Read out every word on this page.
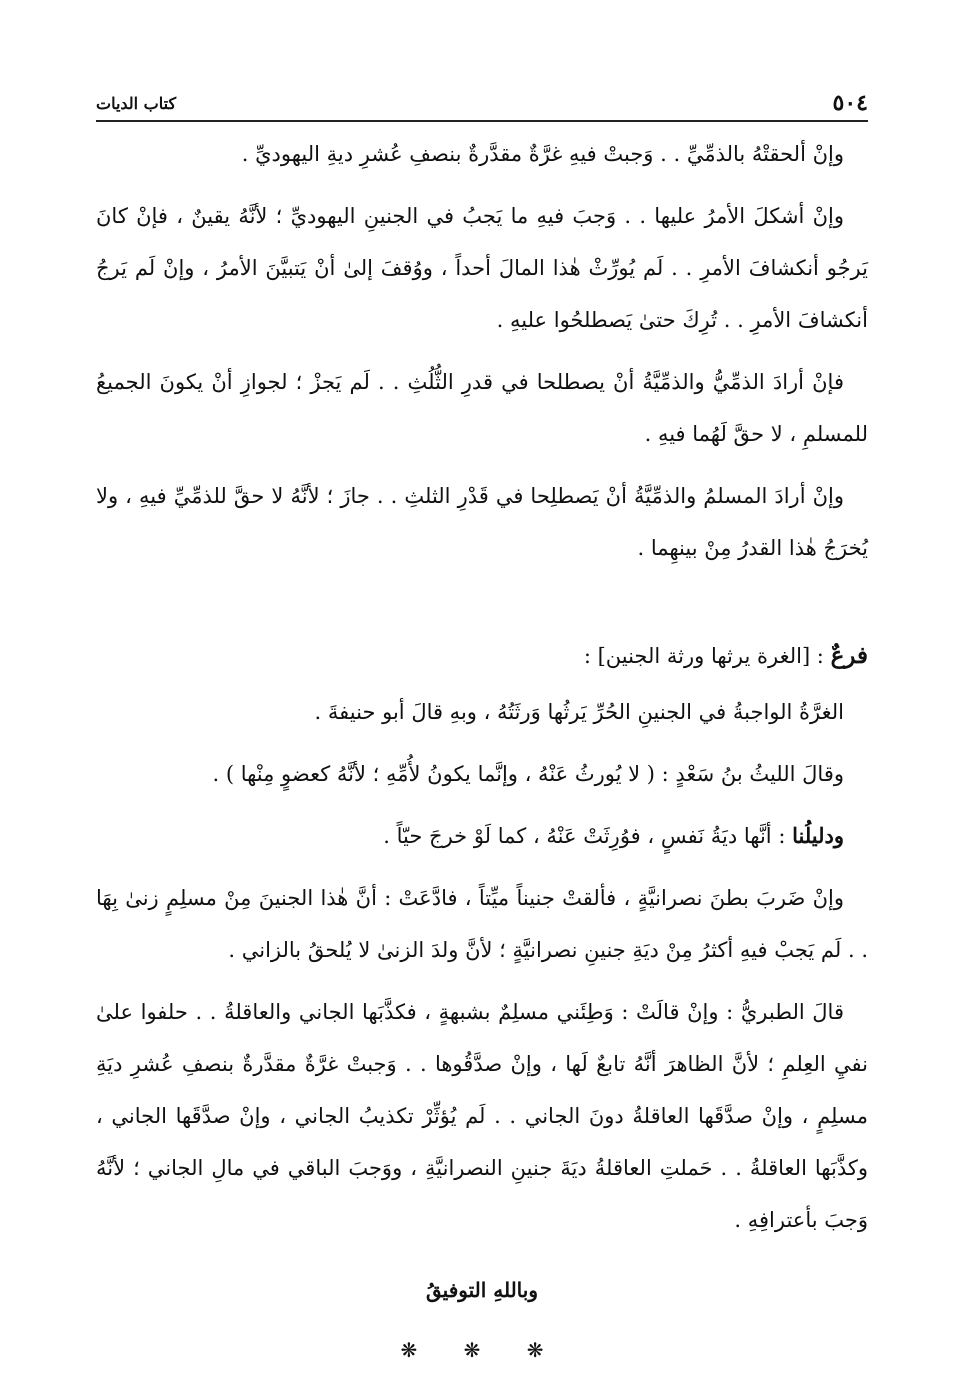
٥٠٤
كتاب الديات

وإنْ ألحقتْهُ بالذمِّيِّ . . وَجبتْ فيهِ غرَّةٌ مقدَّرةٌ بنصفِ عُشرِ ديةِ اليهوديِّ .

وإنْ أشكلَ الأمرُ عليها . . وَجبَ فيهِ ما يَجبُ في الجنينِ اليهوديِّ ؛ لأنَّهُ يقينٌ ، فإنْ كانَ يَرجُو أنكشافَ الأمرِ . . لَم يُورِّثْ هٰذا المالَ أحداً ، ووُقفَ إلىٰ أنْ يَتبيَّنَ الأمرُ ، وإنْ لَم يَرجُ أنكشافَ الأمرِ . . تُرِكَ حتىٰ يَصطلحُوا عليهِ .

فإنْ أرادَ الذمِّيُّ والذمِّيَّةُ أنْ يصطلحا في قدرِ الثُّلُثِ . . لَم يَجزْ ؛ لجوازِ أنْ يكونَ الجميعُ للمسلمِ ، لا حقَّ لَهُما فيهِ .

وإنْ أرادَ المسلمُ والذمِّيَّةُ أنْ يَصطلِحا في قَدْرِ الثلثِ . . جازَ ؛ لأنَّهُ لا حقَّ للذمِّيِّ فيهِ ، ولا يُخرَجُ هٰذا القدرُ مِنْ بينهِما .

فرعٌ : [الغرة يرثها ورثة الجنين] :

الغرَّةُ الواجبةُ في الجنينِ الحُرِّ يَرثُها وَرثَتُهُ ، وبهِ قالَ أبو حنيفةَ .

وقالَ الليثُ بنُ سَعْدٍ : ( لا يُورثُ عَنْهُ ، وإنَّما يكونُ لأُمِّهِ ؛ لأنَّهُ كعضوٍ مِنْها ) .

ودليلُنا : أنَّها ديَةُ نَفسٍ ، فوُرِثَتْ عَنْهُ ، كما لَوْ خرجَ حيّاً .

وإنْ ضَربَ بطنَ نصرانيَّةٍ ، فألقتْ جنيناً ميِّتاً ، فادَّعَتْ : أنَّ هٰذا الجنينَ مِنْ مسلِمٍ زنىٰ بِهَا . . لَم يَجبْ فيهِ أكثرُ مِنْ ديَةِ جنينِ نصرانيَّةٍ ؛ لأنَّ ولدَ الزنىٰ لا يُلحقُ بالزاني .

قالَ الطبريُّ : وإنْ قالَتْ : وَطِئَني مسلِمٌ بشبهةٍ ، فكذَّبَها الجاني والعاقلةُ . . حلفوا علىٰ نفيِ العِلمِ ؛ لأنَّ الظاهرَ أنَّهُ تابعٌ لَها ، وإنْ صدَّقُوها . . وَجبتْ غرَّةٌ مقدَّرةٌ بنصفِ عُشرِ ديَةِ مسلِمٍ ، وإنْ صدَّقَها العاقلةُ دونَ الجاني . . لَم يُؤثِّرْ تكذيبُ الجاني ، وإنْ صدَّقَها الجاني ، وكذَّبَها العاقلةُ . . حَملتِ العاقلةُ ديَةَ جنينِ النصرانيَّةِ ، ووَجبَ الباقي في مالِ الجاني ؛ لأنَّهُ وَجبَ بأعترافِهِ .

وباللهِ التوفيقُ
❋ ❋ ❋
